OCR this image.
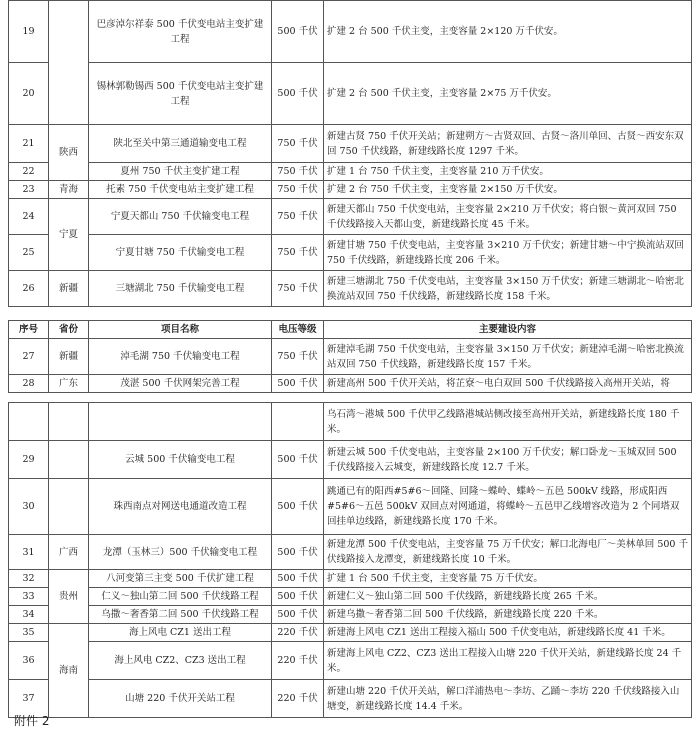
19		巴彦淖尔祥泰 500 千伏变电站主变扩建工程	500 千伏	扩建 2 台 500 千伏主变，主变容量 2×120 万千伏安。
20		锡林郭勒锡西 500 千伏变电站主变扩建工程	500 千伏	扩建 2 台 500 千伏主变，主变容量 2×75 万千伏安。
21	陕西	陕北至关中第三通道输变电工程	750 千伏	新建古贤 750 千伏开关站；新建朔方～古贤双回、古贤～洛川单回、古贤～西安东双回 750 千伏线路，新建线路长度 1297 千米。
22		夏州 750 千伏主变扩建工程	750 千伏	扩建 1 台 750 千伏主变，主变容量 210 万千伏安。
23	青海	托素 750 千伏变电站主变扩建工程	750 千伏	扩建 2 台 750 千伏主变，主变容量 2×150 万千伏安。
24	宁夏	宁夏天都山 750 千伏输变电工程	750 千伏	新建天都山 750 千伏变电站，主变容量 2×210 万千伏安；将白银～黄河双回 750 千伏线路接入天都山变，新建线路长度 45 千米。
25		宁夏甘塘 750 千伏输变电工程	750 千伏	新建甘塘 750 千伏变电站，主变容量 3×210 万千伏安；新建甘塘～中宁换流站双回 750 千伏线路，新建线路长度 206 千米。
26	新疆	三塘湖北 750 千伏输变电工程	750 千伏	新建三塘湖北 750 千伏变电站，主变容量 3×150 万千伏安；新建三塘湖北～哈密北换流站双回 750 千伏线路，新建线路长度 158 千米。
序号	省份	项目名称	电压等级	主要建设内容
27	新疆	淖毛湖 750 千伏输变电工程	750 千伏	新建淖毛湖 750 千伏变电站，主变容量 3×150 万千伏安；新建淖毛湖～哈密北换流站双回 750 千伏线路，新建线路长度 157 千米。
28	广东	茂湛 500 千伏网架完善工程	500 千伏	新建高州 500 千伏开关站，将芷寮～电白双回 500 千伏线路接入高州开关站，将
				乌石湾～港城 500 千伏甲乙线路港城站侧改接至高州开关站，新建线路长度 180 千米。
29		云城 500 千伏输变电工程	500 千伏	新建云城 500 千伏变电站，主变容量 2×100 万千伏安；解口卧龙～玉城双回 500 千伏线路接入云城变，新建线路长度 12.7 千米。
30		珠西南点对网送电通道改造工程	500 千伏	跳通已有的阳西#5#6～回隆、回隆～蝶岭、蝶岭～五邑 500kV 线路，形成阳西#5#6～五邑 500kV 双回点对网通道，将蝶岭～五邑甲乙线增容改造为 2 个同塔双回挂单边线路，新建线路长度 170 千米。
31	广西	龙潭（玉林三）500 千伏输变电工程	500 千伏	新建龙潭 500 千伏变电站，主变容量 75 万千伏安；解口北海电厂～美林单回 500 千伏线路接入龙潭变，新建线路长度 10 千米。
32	贵州	八河变第三主变 500 千伏扩建工程	500 千伏	扩建 1 台 500 千伏主变，主变容量 75 万千伏安。
33		仁义～独山第二回 500 千伏线路工程	500 千伏	新建仁义～独山第二回 500 千伏线路，新建线路长度 265 千米。
34		乌撒～奢香第二回 500 千伏线路工程	500 千伏	新建乌撒～奢香第二回 500 千伏线路，新建线路长度 220 千米。
35	海南	海上风电 CZ1 送出工程	220 千伏	新建海上风电 CZ1 送出工程接入福山 500 千伏变电站，新建线路长度 41 千米。
36		海上风电 CZ2、CZ3 送出工程	220 千伏	新建海上风电 CZ2、CZ3 送出工程接入山塘 220 千伏开关站，新建线路长度 24 千米。
37		山塘 220 千伏开关站工程	220 千伏	新建山塘 220 千伏开关站，解口洋浦热电～李坊、乙踊～李坊 220 千伏线路接入山塘变，新建线路长度 14.4 千米。
附件 2
